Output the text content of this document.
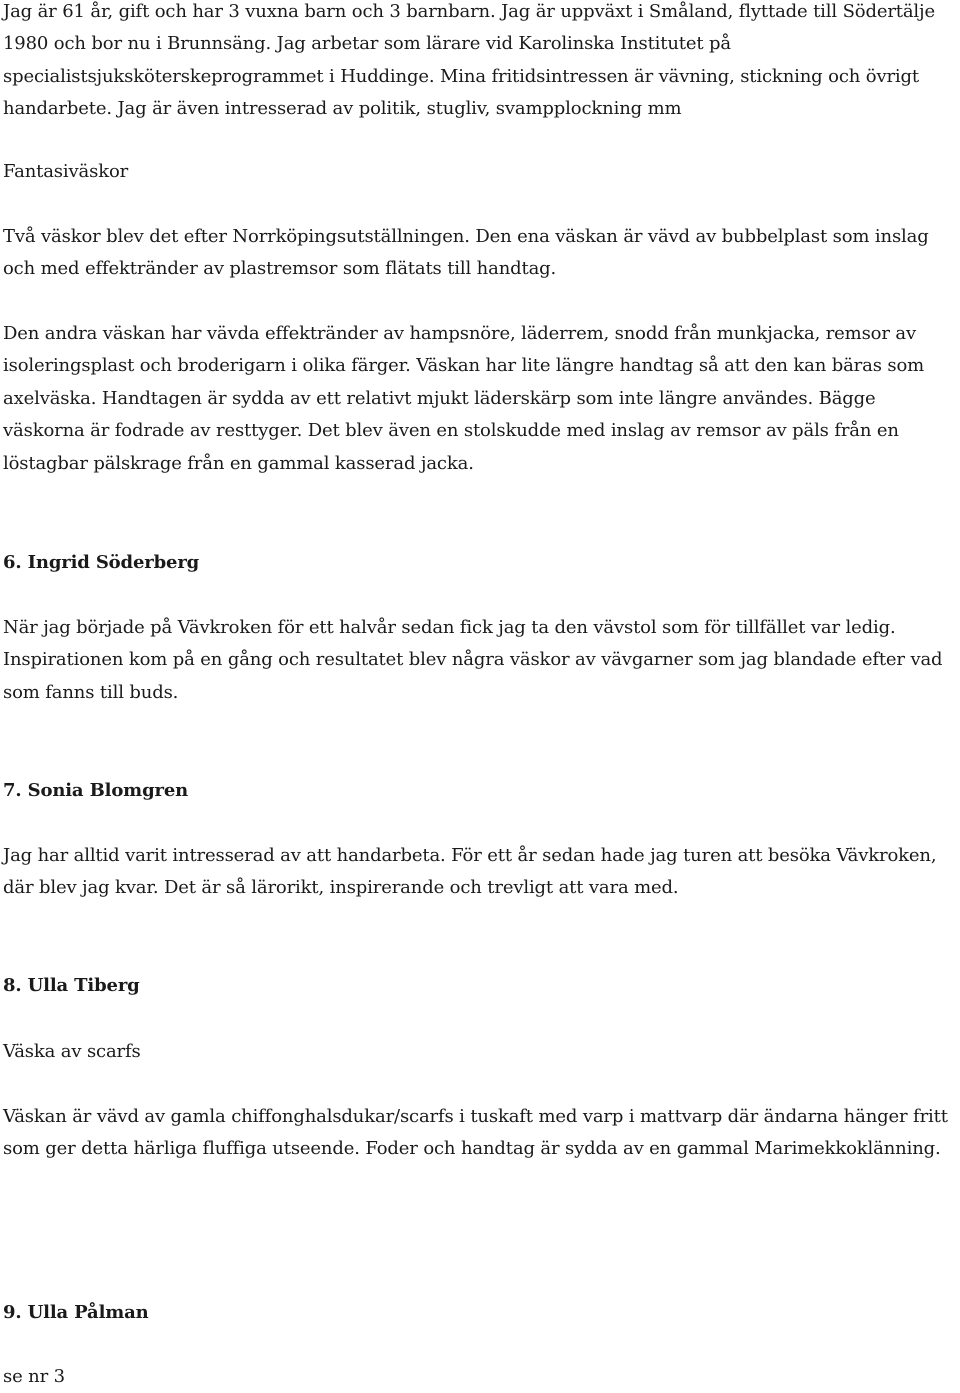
Jag är 61 år, gift och har 3 vuxna barn och 3 barnbarn. Jag är uppväxt i Småland, flyttade till Södertälje 1980 och bor nu i Brunnsäng. Jag arbetar som lärare vid Karolinska Institutet på specialistsjuksköterskeprogrammet i Huddinge. Mina fritidsintressen är vävning, stickning och övrigt handarbete. Jag är även intresserad av politik, stugliv, svampplockning mm

Fantasiväskor

Två väskor blev det efter Norrköpingsutställningen. Den ena väskan är vävd av bubbelplast som inslag och med effektränder av plastremsor som flätats till handtag.

Den andra väskan har vävda effektränder av hampsnöre, läderrem, snodd från munkjacka, remsor av isoleringsplast och broderigarn i olika färger. Väskan har lite längre handtag så att den kan bäras som axelväska. Handtagen är sydda av ett relativt mjukt läderskärp som inte längre användes. Bägge väskorna är fodrade av resttyger. Det blev även en stolskudde med inslag av remsor av päls från en löstagbar pälskrage från en gammal kasserad jacka.

6. Ingrid Söderberg

När jag började på Vävkroken för ett halvår sedan fick jag ta den vävstol som för tillfället var ledig. Inspirationen kom på en gång och resultatet blev några väskor av vävgarner som jag blandade efter vad som fanns till buds.

7. Sonia Blomgren

Jag har alltid varit intresserad av att handarbeta. För ett år sedan hade jag turen att besöka Vävkroken, där blev jag kvar. Det är så lärorikt, inspirerande och trevligt att vara med.

8. Ulla Tiberg

Väska av scarfs

Väskan är vävd av gamla chiffonghalsdukar/scarfs i tuskaft med varp i mattvarp där ändarna hänger fritt som ger detta härliga fluffiga utseende. Foder och handtag är sydda av en gammal Marimekkoklänning.

9. Ulla Pålman

se nr 3
